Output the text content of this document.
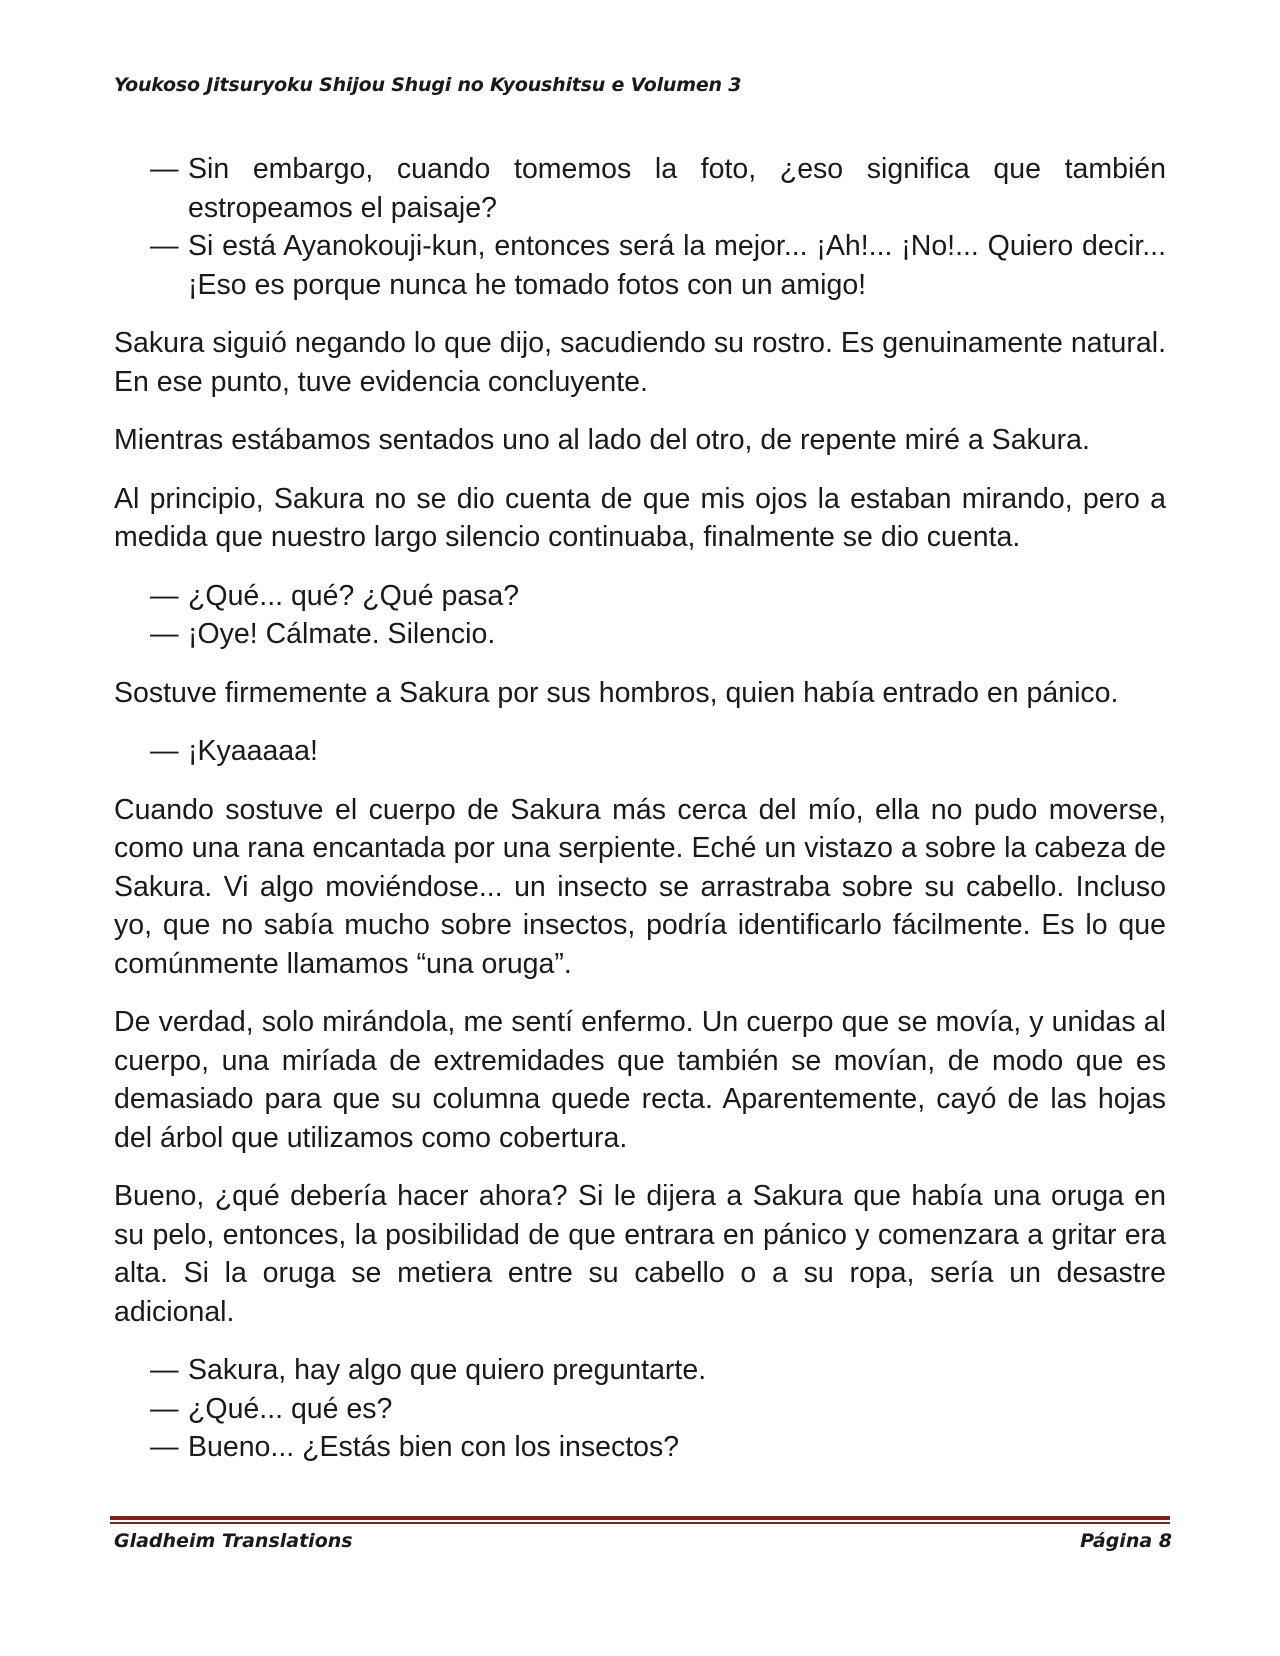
Youkoso Jitsuryoku Shijou Shugi no Kyoushitsu e Volumen 3

— Sin embargo, cuando tomemos la foto, ¿eso significa que también estropeamos el paisaje?

— Si está Ayanokouji-kun, entonces será la mejor... ¡Ah!... ¡No!... Quiero decir... ¡Eso es porque nunca he tomado fotos con un amigo!

Sakura siguió negando lo que dijo, sacudiendo su rostro. Es genuinamente natural. En ese punto, tuve evidencia concluyente.

Mientras estábamos sentados uno al lado del otro, de repente miré a Sakura.

Al principio, Sakura no se dio cuenta de que mis ojos la estaban mirando, pero a medida que nuestro largo silencio continuaba, finalmente se dio cuenta.

— ¿Qué... qué? ¿Qué pasa?

— ¡Oye! Cálmate. Silencio.

Sostuve firmemente a Sakura por sus hombros, quien había entrado en pánico.

— ¡Kyaaaaa!

Cuando sostuve el cuerpo de Sakura más cerca del mío, ella no pudo moverse, como una rana encantada por una serpiente. Eché un vistazo a sobre la cabeza de Sakura. Vi algo moviéndose... un insecto se arrastraba sobre su cabello. Incluso yo, que no sabía mucho sobre insectos, podría identificarlo fácilmente. Es lo que comúnmente llamamos “una oruga”.

De verdad, solo mirándola, me sentí enfermo. Un cuerpo que se movía, y unidas al cuerpo, una miríada de extremidades que también se movían, de modo que es demasiado para que su columna quede recta. Aparentemente, cayó de las hojas del árbol que utilizamos como cobertura.

Bueno, ¿qué debería hacer ahora? Si le dijera a Sakura que había una oruga en su pelo, entonces, la posibilidad de que entrara en pánico y comenzara a gritar era alta. Si la oruga se metiera entre su cabello o a su ropa, sería un desastre adicional.

— Sakura, hay algo que quiero preguntarte.

— ¿Qué... qué es?

— Bueno... ¿Estás bien con los insectos?

Gladheim Translations	Página 8
